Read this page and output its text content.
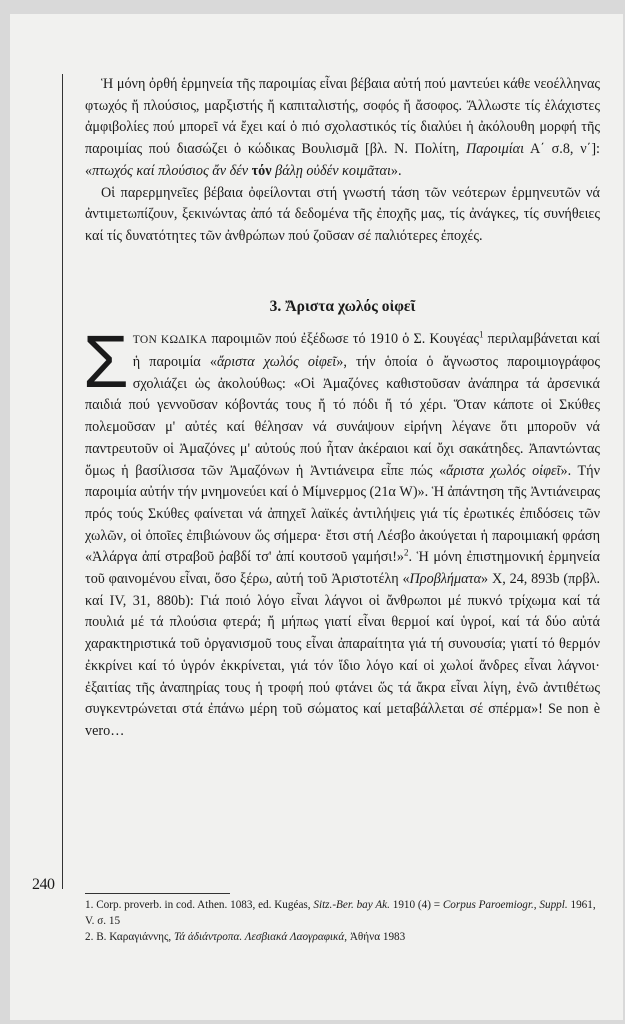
240

Ἡ μόνη ὀρθή ἑρμηνεία τῆς παροιμίας εἶναι βέβαια αὐτή πού μαντεύει κάθε νεοέλληνας φτωχός ἤ πλούσιος, μαρξιστής ἤ καπιταλιστής, σοφός ἤ ἄσοφος. Ἄλλωστε τίς ἐλάχιστες ἀμφιβολίες πού μπορεῖ νά ἔχει καί ὁ πιό σχολαστικός τίς διαλύει ἡ ἀκόλουθη μορφή τῆς παροιμίας πού διασώζει ὁ κώδικας Βουλισμᾶ [βλ. Ν. Πολίτη, Παροιμίαι Α΄ σ.8, ν΄]: «πτωχός καί πλούσιος ἄν δέν τόν βάλῃ οὐδέν κοιμᾶται».

Οἱ παρερμηνεῖες βέβαια ὀφείλονται στή γνωστή τάση τῶν νεότερων ἑρμηνευτῶν νά ἀντιμετωπίζουν, ξεκινώντας ἀπό τά δεδομένα τῆς ἐποχῆς μας, τίς ἀνάγκες, τίς συνήθειες καί τίς δυνατότητες τῶν ἀνθρώπων πού ζοῦσαν σέ παλιότερες ἐποχές.

3. Ἄριστα χωλός οἰφεῖ

ΣΤΟΝ ΚΩΔΙΚΑ παροιμιῶν πού ἐξέδωσε τό 1910 ὁ Σ. Κουγέας$^1$ περιλαμβάνεται καί ἡ παροιμία «ἄριστα χωλός οἰφεῖ», τήν ὁποία ὁ ἄγνωστος παροιμιογράφος σχολιάζει ὡς ἀκολούθως: «Οἱ Ἀμαζόνες καθιστοῦσαν ἀνάπηρα τά ἀρσενικά παιδιά πού γεννοῦσαν κόβοντάς τους ἤ τό πόδι ἤ τό χέρι. Ὅταν κάποτε οἱ Σκύθες πολεμοῦσαν μ' αὐτές καί θέλησαν νά συνάψουν εἰρήνη λέγανε ὅτι μποροῦν νά παντρευτοῦν οἱ Ἀμαζόνες μ' αὐτούς πού ἦταν ἀκέραιοι καί ὄχι σακάτηδες. Ἀπαντώντας ὅμως ἡ βασίλισσα τῶν Ἀμαζόνων ἡ Ἀντιάνειρα εἶπε πώς «ἄριστα χωλός οἰφεῖ». Τήν παροιμία αὐτήν τήν μνημονεύει καί ὁ Μίμνερμος (21α W)». Ἡ ἀπάντηση τῆς Ἀντιάνειρας πρός τούς Σκύθες φαίνεται νά ἀπηχεῖ λαϊκές ἀντιλήψεις γιά τίς ἐρωτικές ἐπιδόσεις τῶν χωλῶν, οἱ ὁποῖες ἐπιβιώνουν ὥς σήμερα· ἔτσι στή Λέσβο ἀκούγεται ἡ παροιμιακή φράση «Ἀλάργα ἀπί στραβοῦ ῥαβδί τσ' ἀπί κουτσοῦ γαμήσι!»$^2$. Ἡ μόνη ἐπιστημονική ἑρμηνεία τοῦ φαινομένου εἶναι, ὅσο ξέρω, αὐτή τοῦ Ἀριστοτέλη «Προβλήματα» Χ, 24, 893b (πρβλ. καί IV, 31, 880b): Γιά ποιό λόγο εἶναι λάγνοι οἱ ἄνθρωποι μέ πυκνό τρίχωμα καί τά πουλιά μέ τά πλούσια φτερά; ἤ μήπως γιατί εἶναι θερμοί καί ὑγροί, καί τά δύο αὐτά χαρακτηριστικά τοῦ ὀργανισμοῦ τους εἶναι ἀπαραίτητα γιά τή συνουσία; γιατί τό θερμόν ἐκκρίνει καί τό ὑγρόν ἐκκρίνεται, γιά τόν ἴδιο λόγο καί οἱ χωλοί ἄνδρες εἶναι λάγνοι· ἐξαιτίας τῆς ἀναπηρίας τους ἡ τροφή πού φτάνει ὥς τά ἄκρα εἶναι λίγη, ἐνῶ ἀντιθέτως συγκεντρώνεται στά ἐπάνω μέρη τοῦ σώματος καί μεταβάλλεται σέ σπέρμα»! Se non è vero…

1. Corp. proverb. in cod. Athen. 1083, ed. Kugéas, Sitz.-Ber. bay Ak. 1910 (4) = Corpus Paroemiogr., Suppl. 1961, V. σ. 15
2. Β. Καραγιάννης, Τά ἀδιάντροπα. Λεσβιακά Λαογραφικά, Ἀθήνα 1983
